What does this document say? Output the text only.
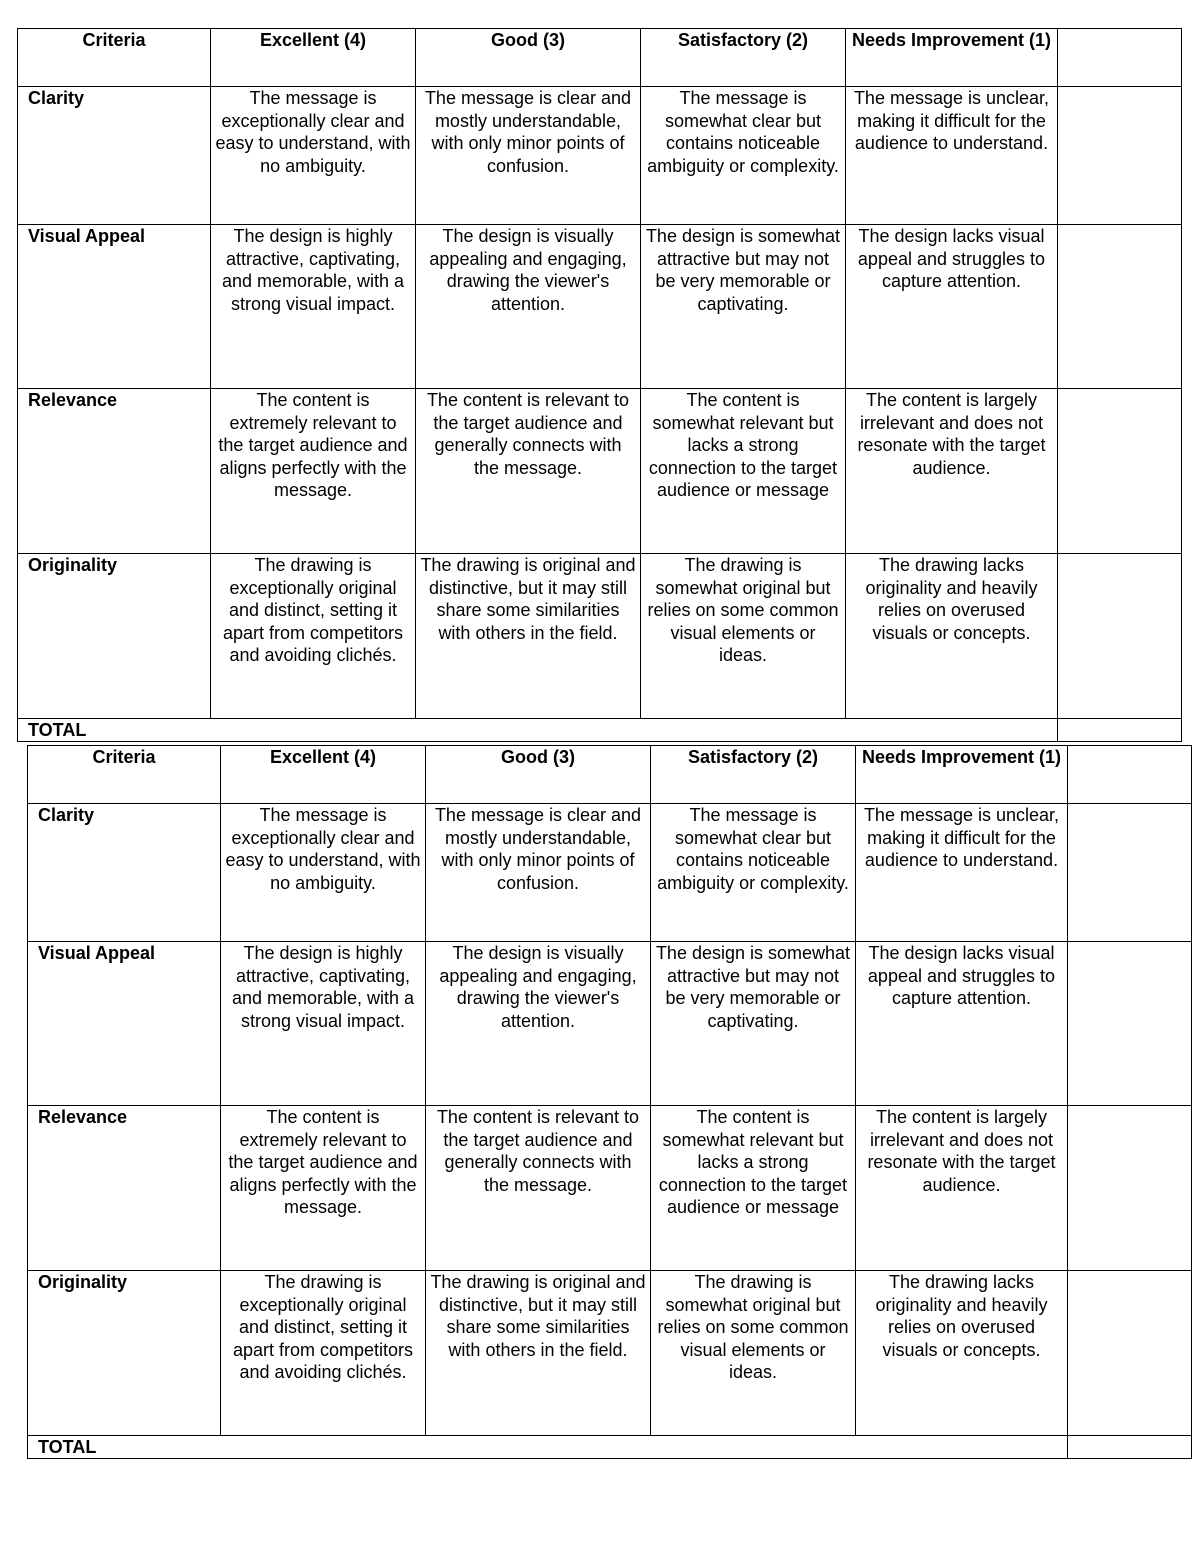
Criteria	Excellent (4)	Good (3)	Satisfactory (2)	Needs Improvement (1)	
Clarity	The message is exceptionally clear and easy to understand, with no ambiguity.	The message is clear and mostly understandable, with only minor points of confusion.	The message is somewhat clear but contains noticeable ambiguity or complexity.	The message is unclear, making it difficult for the audience to understand.	
Visual Appeal	The design is highly attractive, captivating, and memorable, with a strong visual impact.	The design is visually appealing and engaging, drawing the viewer's attention.	The design is somewhat attractive but may not be very memorable or captivating.	The design lacks visual appeal and struggles to capture attention.	
Relevance	The content is extremely relevant to the target audience and aligns perfectly with the message.	The content is relevant to the target audience and generally connects with the message.	The content is somewhat relevant but lacks a strong connection to the target audience or message	The content is largely irrelevant and does not resonate with the target audience.	
Originality	The drawing is exceptionally original and distinct, setting it apart from competitors and avoiding clichés.	The drawing is original and distinctive, but it may still share some similarities with others in the field.	The drawing is somewhat original but relies on some common visual elements or ideas.	The drawing lacks originality and heavily relies on overused visuals or concepts.	
TOTAL					
Criteria	Excellent (4)	Good (3)	Satisfactory (2)	Needs Improvement (1)	
Clarity	The message is exceptionally clear and easy to understand, with no ambiguity.	The message is clear and mostly understandable, with only minor points of confusion.	The message is somewhat clear but contains noticeable ambiguity or complexity.	The message is unclear, making it difficult for the audience to understand.	
Visual Appeal	The design is highly attractive, captivating, and memorable, with a strong visual impact.	The design is visually appealing and engaging, drawing the viewer's attention.	The design is somewhat attractive but may not be very memorable or captivating.	The design lacks visual appeal and struggles to capture attention.	
Relevance	The content is extremely relevant to the target audience and aligns perfectly with the message.	The content is relevant to the target audience and generally connects with the message.	The content is somewhat relevant but lacks a strong connection to the target audience or message	The content is largely irrelevant and does not resonate with the target audience.	
Originality	The drawing is exceptionally original and distinct, setting it apart from competitors and avoiding clichés.	The drawing is original and distinctive, but it may still share some similarities with others in the field.	The drawing is somewhat original but relies on some common visual elements or ideas.	The drawing lacks originality and heavily relies on overused visuals or concepts.	
TOTAL					
